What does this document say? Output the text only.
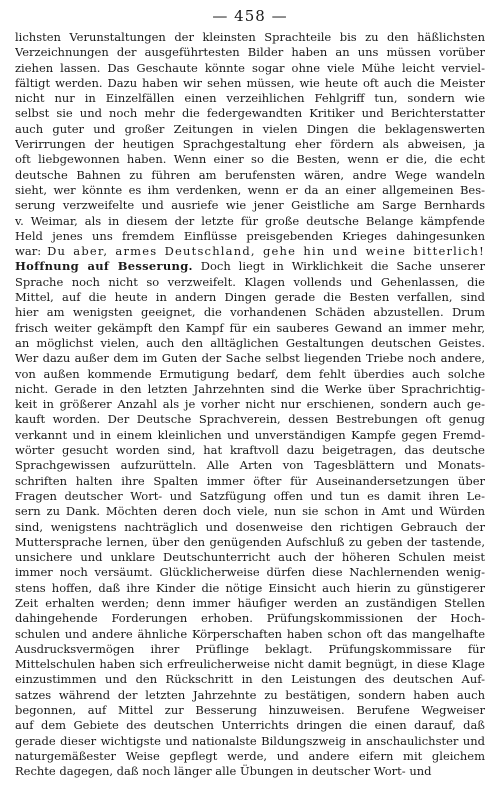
— 458 —
lichsten Verunstaltungen der kleinsten Sprachteile bis zu den häßlichsten
Verzeichnungen der ausgeführtesten Bilder haben an uns müssen vorüber
ziehen lassen. Das Geschaute könnte sogar ohne viele Mühe leicht verviel-
fältigt werden. Dazu haben wir sehen müssen, wie heute oft auch die Meister
nicht nur in Einzelfällen einen verzeihlichen Fehlgriff tun, sondern wie
selbst sie und noch mehr die federgewandten Kritiker und Berichterstatter
auch guter und großer Zeitungen in vielen Dingen die beklagenswerten
Verirrungen der heutigen Sprachgestaltung eher fördern als abweisen, ja
oft liebgewonnen haben. Wenn einer so die Besten, wenn er die, die echt
deutsche Bahnen zu führen am berufensten wären, andre Wege wandeln
sieht, wer könnte es ihm verdenken, wenn er da an einer allgemeinen Bes-
serung verzweifelte und ausriefe wie jener Geistliche am Sarge Bernhards
v. Weimar, als in diesem der letzte für große deutsche Belange kämpfende
Held jenes uns fremdem Einflüsse preisgebenden Krieges dahingesunken
war: Du aber, armes Deutschland, gehe hin und weine bitterlich!
Hoffnung auf Besserung. Doch liegt in Wirklichkeit die Sache unserer
Sprache noch nicht so verzweifelt. Klagen vollends und Gehenlassen, die
Mittel, auf die heute in andern Dingen gerade die Besten verfallen, sind
hier am wenigsten geeignet, die vorhandenen Schäden abzustellen. Drum
frisch weiter gekämpft den Kampf für ein sauberes Gewand an immer mehr,
an möglichst vielen, auch den alltäglichen Gestaltungen deutschen Geistes.
Wer dazu außer dem im Guten der Sache selbst liegenden Triebe noch andere,
von außen kommende Ermutigung bedarf, dem fehlt überdies auch solche
nicht. Gerade in den letzten Jahrzehnten sind die Werke über Sprachrichtig-
keit in größerer Anzahl als je vorher nicht nur erschienen, sondern auch ge-
kauft worden. Der Deutsche Sprachverein, dessen Bestrebungen oft genug
verkannt und in einem kleinlichen und unverständigen Kampfe gegen Fremd-
wörter gesucht worden sind, hat kraftvoll dazu beigetragen, das deutsche
Sprachgewissen aufzurütteln. Alle Arten von Tagesblättern und Monats-
schriften halten ihre Spalten immer öfter für Auseinandersetzungen über
Fragen deutscher Wort- und Satzfügung offen und tun es damit ihren Le-
sern zu Dank. Möchten deren doch viele, nun sie schon in Amt und Würden
sind, wenigstens nachträglich und dosenweise den richtigen Gebrauch der
Muttersprache lernen, über den genügenden Aufschluß zu geben der tastende,
unsichere und unklare Deutschunterricht auch der höheren Schulen meist
immer noch versäumt. Glücklicherweise dürfen diese Nachlernenden wenig-
stens hoffen, daß ihre Kinder die nötige Einsicht auch hierin zu günstigerer
Zeit erhalten werden; denn immer häufiger werden an zuständigen Stellen
dahingehende Forderungen erhoben. Prüfungskommissionen der Hoch-
schulen und andere ähnliche Körperschaften haben schon oft das mangelhafte
Ausdrucksvermögen ihrer Prüflinge beklagt. Prüfungskommissare für
Mittelschulen haben sich erfreulicherweise nicht damit begnügt, in diese Klage
einzustimmen und den Rückschritt in den Leistungen des deutschen Auf-
satzes während der letzten Jahrzehnte zu bestätigen, sondern haben auch
begonnen, auf Mittel zur Besserung hinzuweisen. Berufene Wegweiser
auf dem Gebiete des deutschen Unterrichts dringen die einen darauf, daß
gerade dieser wichtigste und nationalste Bildungszweig in anschaulichster und
naturgemäßester Weise gepflegt werde, und andere eifern mit gleichem
Rechte dagegen, daß noch länger alle Übungen in deutscher Wort- und
